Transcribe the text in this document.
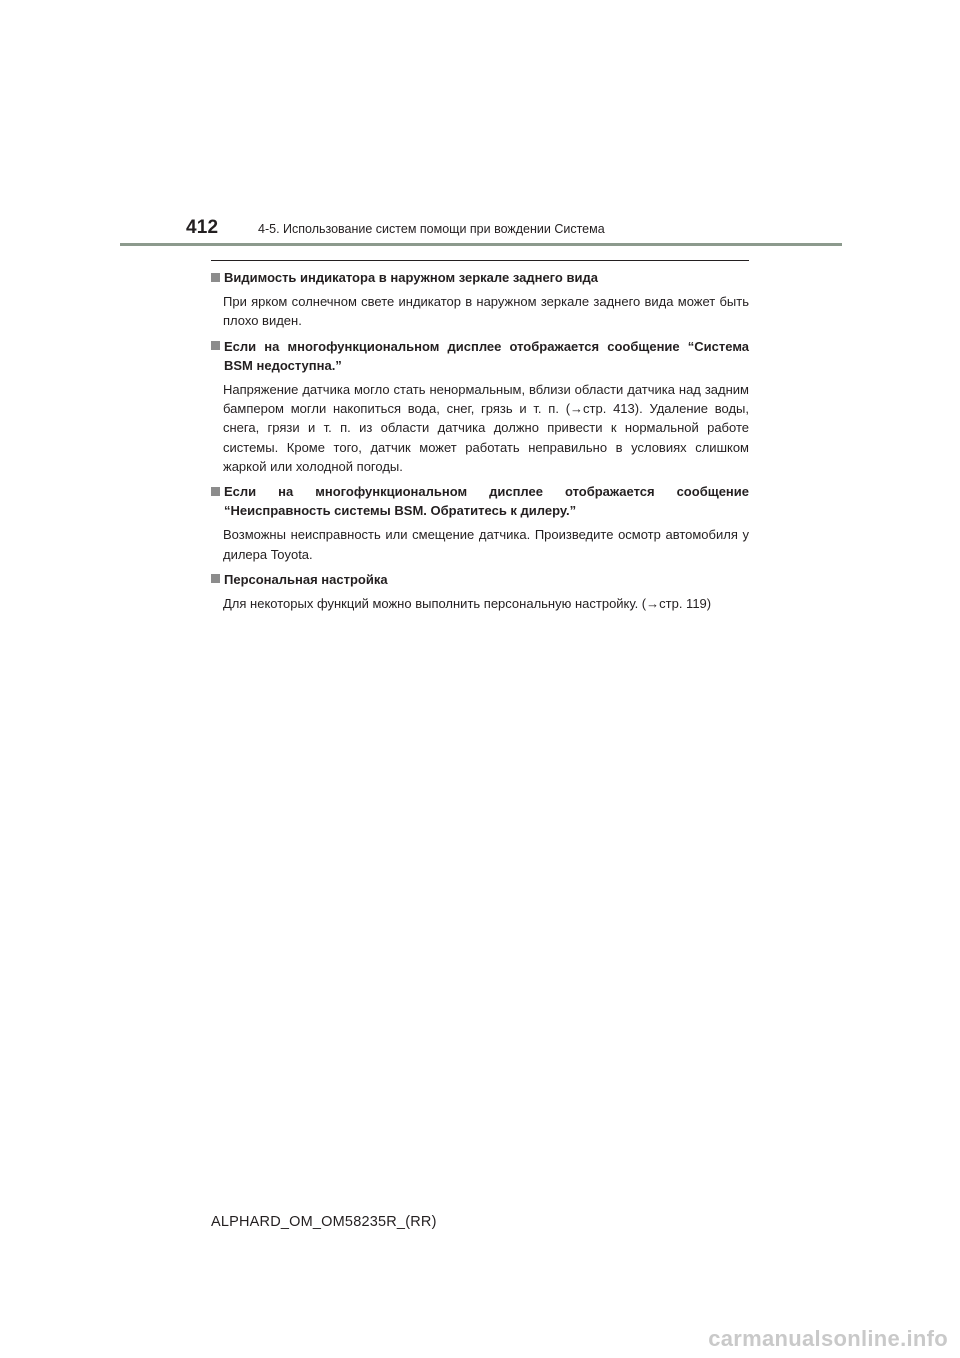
412	4-5. Использование систем помощи при вождении Система
Видимость индикатора в наружном зеркале заднего вида
При ярком солнечном свете индикатор в наружном зеркале заднего вида может быть плохо виден.
Если на многофункциональном дисплее отображается сообщение “Система BSM недоступна.”
Напряжение датчика могло стать ненормальным, вблизи области датчика над задним бампером могли накопиться вода, снег, грязь и т. п. (→стр. 413). Удаление воды, снега, грязи и т. п. из области датчика должно привести к нормальной работе системы. Кроме того, датчик может работать неправильно в условиях слишком жаркой или холодной погоды.
Если на многофункциональном дисплее отображается сообщение “Неисправность системы BSM. Обратитесь к дилеру.”
Возможны неисправность или смещение датчика. Произведите осмотр автомобиля у дилера Toyota.
Персональная настройка
Для некоторых функций можно выполнить персональную настройку. (→стр. 119)
ALPHARD_OM_OM58235R_(RR)
carmanualsonline.info
